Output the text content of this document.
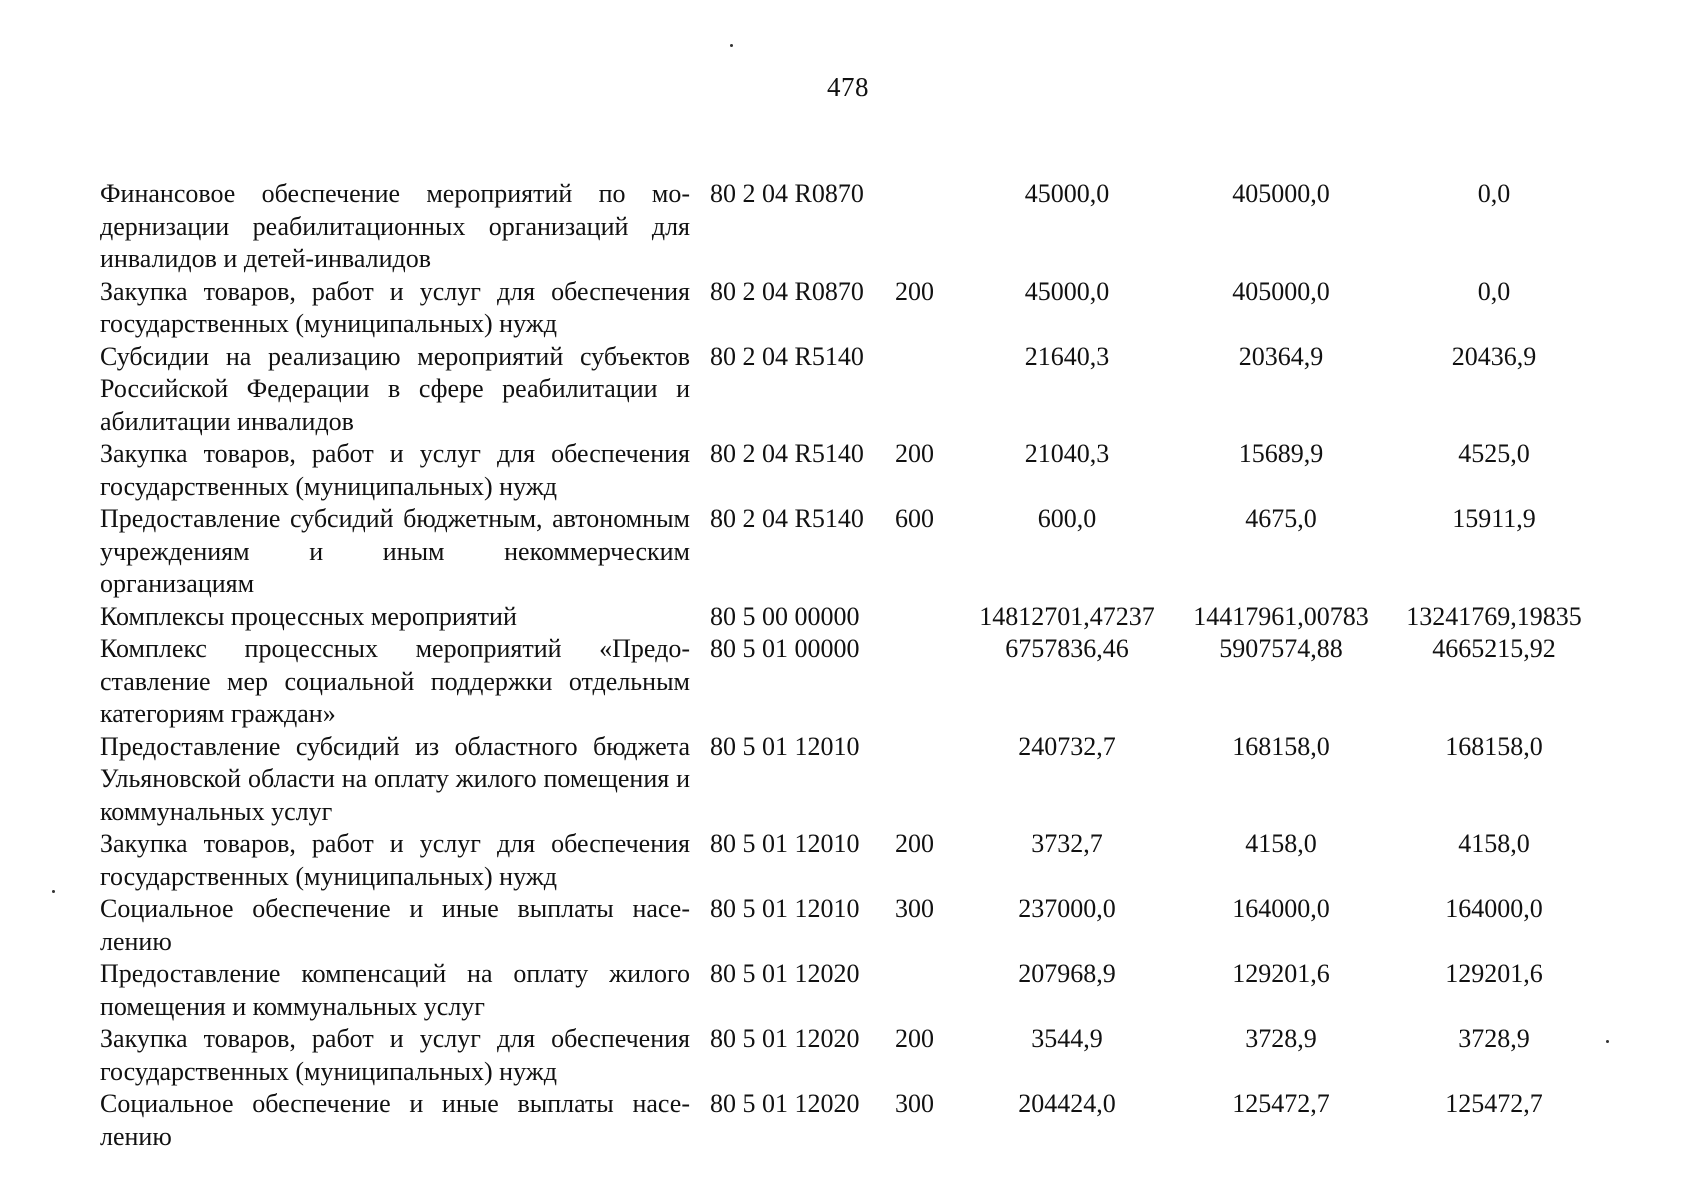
478
Финансовое обеспечение мероприятий по модернизации реабилитационных организаций для инвалидов и детей-инвалидов		80 2 04 R0870		45000,0	405000,0	0,0
Закупка товаров, работ и услуг для обеспечения государственных (муниципальных) нужд		80 2 04 R0870	200	45000,0	405000,0	0,0
Субсидии на реализацию мероприятий субъектов Российской Федерации в сфере реабилитации и абилитации инвалидов		80 2 04 R5140		21640,3	20364,9	20436,9
Закупка товаров, работ и услуг для обеспечения государственных (муниципальных) нужд		80 2 04 R5140	200	21040,3	15689,9	4525,0
Предоставление субсидий бюджетным, автономным учреждениям и иным некоммерческим организациям		80 2 04 R5140	600	600,0	4675,0	15911,9
Комплексы процессных мероприятий		80 5 00 00000		14812701,47237	14417961,00783	13241769,19835
Комплекс процессных мероприятий «Предоставление мер социальной поддержки отдельным категориям граждан»		80 5 01 00000		6757836,46	5907574,88	4665215,92
Предоставление субсидий из областного бюджета Ульяновской области на оплату жилого помещения и коммунальных услуг		80 5 01 12010		240732,7	168158,0	168158,0
Закупка товаров, работ и услуг для обеспечения государственных (муниципальных) нужд		80 5 01 12010	200	3732,7	4158,0	4158,0
Социальное обеспечение и иные выплаты населению		80 5 01 12010	300	237000,0	164000,0	164000,0
Предоставление компенсаций на оплату жилого помещения и коммунальных услуг		80 5 01 12020		207968,9	129201,6	129201,6
Закупка товаров, работ и услуг для обеспечения государственных (муниципальных) нужд		80 5 01 12020	200	3544,9	3728,9	3728,9
Социальное обеспечение и иные выплаты населению		80 5 01 12020	300	204424,0	125472,7	125472,7
